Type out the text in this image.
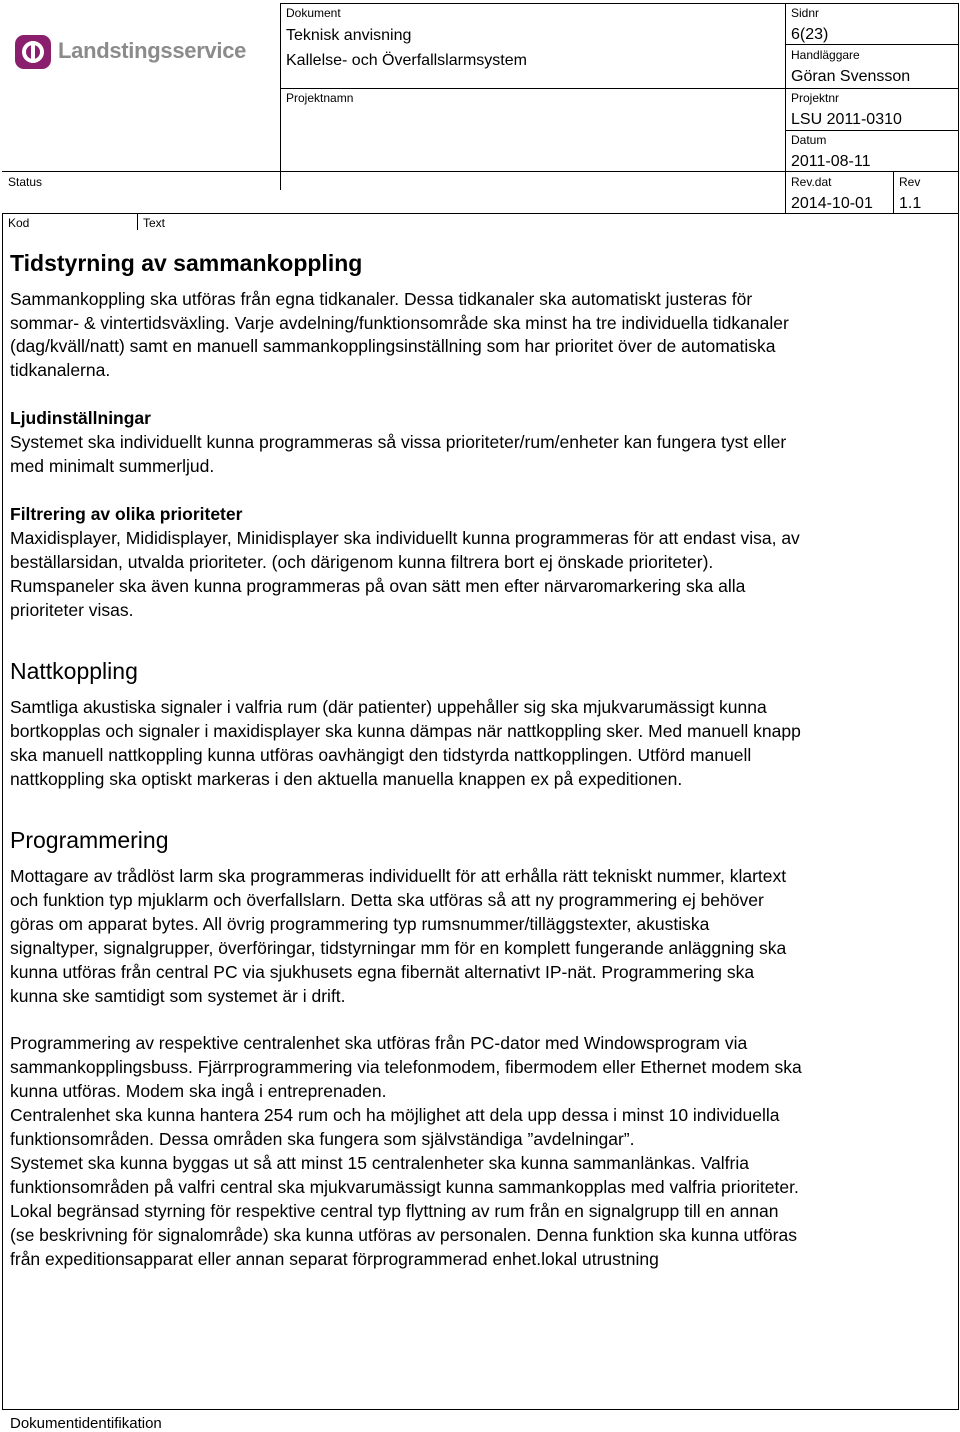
Landstingsservice
Dokument
Teknisk anvisning
Kallelse- och Överfallslarmsystem
Projektnamn
Sidnr
6(23)
Handläggare
Göran Svensson
Projektnr
LSU 2011-0310
Datum
2011-08-11
Status	Rev.dat
2014-10-01
Rev
1.1
Kod	Text
Tidstyrning av sammankoppling
Sammankoppling ska utföras från egna tidkanaler. Dessa tidkanaler ska automatiskt justeras för
sommar- & vintertidsväxling. Varje avdelning/funktionsområde ska minst ha tre individuella tidkanaler
(dag/kväll/natt) samt en manuell sammankopplingsinställning som har prioritet över de automatiska
tidkanalerna.
Ljudinställningar
Systemet ska individuellt kunna programmeras så vissa prioriteter/rum/enheter kan fungera tyst eller
med minimalt summerljud.
Filtrering av olika prioriteter
Maxidisplayer, Mididisplayer, Minidisplayer ska individuellt kunna programmeras för att endast visa, av
beställarsidan, utvalda prioriteter. (och därigenom kunna filtrera bort ej önskade prioriteter).
Rumspaneler ska även kunna programmeras på ovan sätt men efter närvaromarkering ska alla
prioriteter visas.
Nattkoppling
Samtliga akustiska signaler i valfria rum (där patienter) uppehåller sig ska mjukvarumässigt kunna
bortkopplas och signaler i maxidisplayer ska kunna dämpas när nattkoppling sker. Med manuell knapp
ska manuell nattkoppling kunna utföras oavhängigt den tidstyrda nattkopplingen. Utförd manuell
nattkoppling ska optiskt markeras i den aktuella manuella knappen ex på expeditionen.
Programmering
Mottagare av trådlöst larm ska programmeras individuellt för att erhålla rätt tekniskt nummer, klartext
och funktion typ mjuklarm och överfallslarn. Detta ska utföras så att ny programmering ej behöver
göras om apparat bytes. All övrig programmering typ rumsnummer/tilläggstexter, akustiska
signaltyper, signalgrupper, överföringar, tidstyrningar mm för en komplett fungerande anläggning ska
kunna utföras från central PC via sjukhusets egna fibernät alternativt IP-nät. Programmering ska
kunna ske samtidigt som systemet är i drift.
Programmering av respektive centralenhet ska utföras från PC-dator med Windowsprogram via
sammankopplingsbuss. Fjärrprogrammering via telefonmodem, fibermodem eller Ethernet modem ska
kunna utföras. Modem ska ingå i entreprenaden.
Centralenhet ska kunna hantera 254 rum och ha möjlighet att dela upp dessa i minst 10 individuella
funktionsområden. Dessa områden ska fungera som självständiga ”avdelningar”.
Systemet ska kunna byggas ut så att minst 15 centralenheter ska kunna sammanlänkas. Valfria
funktionsområden på valfri central ska mjukvarumässigt kunna sammankopplas med valfria prioriteter.
Lokal begränsad styrning för respektive central typ flyttning av rum från en signalgrupp till en annan
(se beskrivning för signalområde) ska kunna utföras av personalen. Denna funktion ska kunna utföras
från expeditionsapparat eller annan separat förprogrammerad enhet.lokal utrustning
Dokumentidentifikation
